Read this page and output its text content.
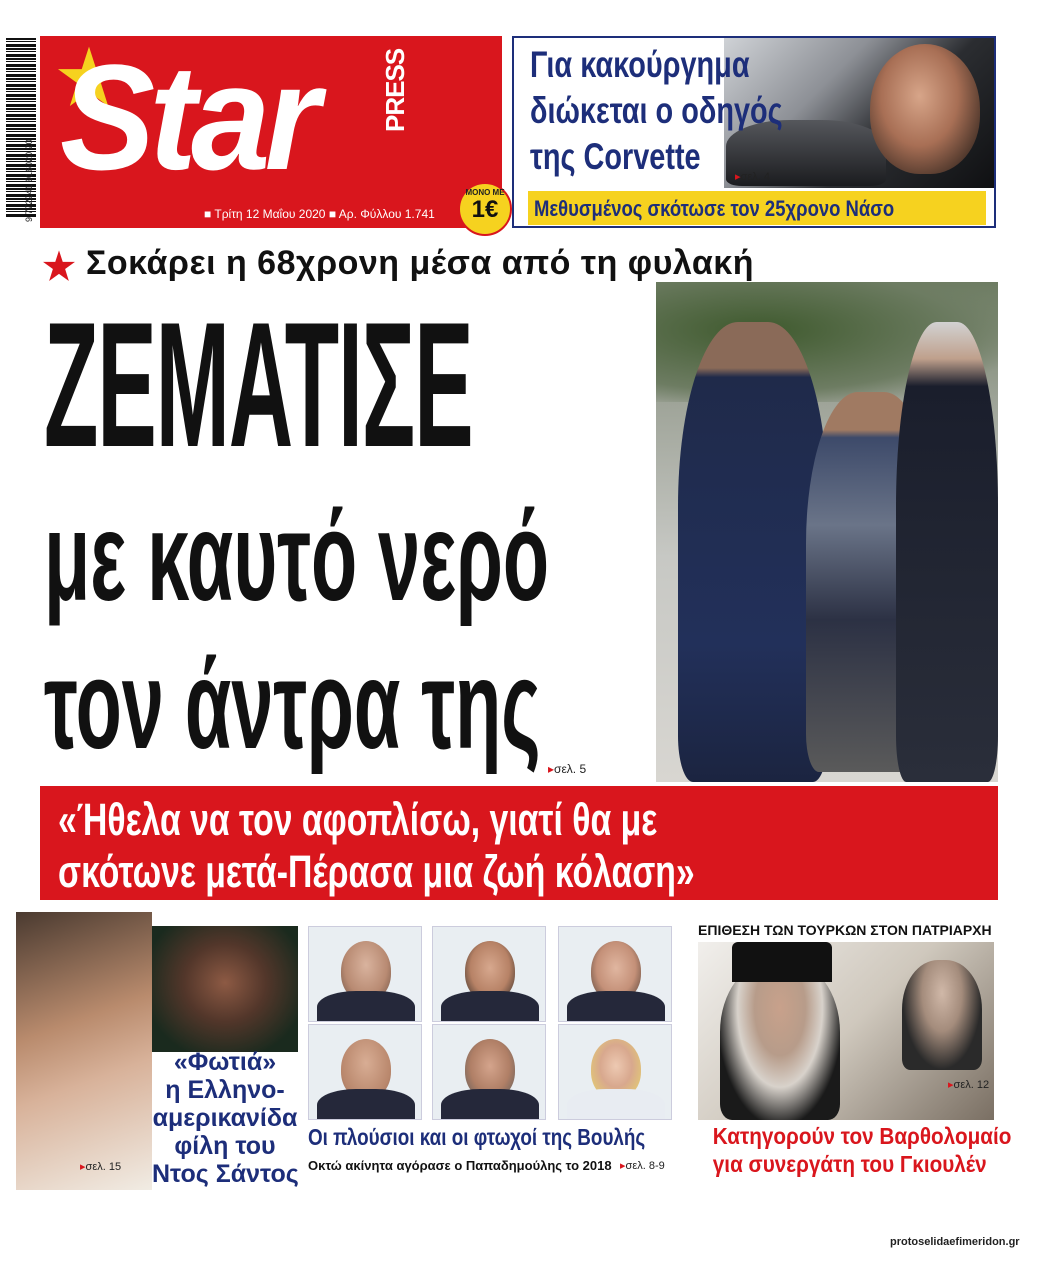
9 772241 916020 20 Star	PRESS
■ Τρίτη 12 Μαΐου 2020 ■ Αρ. Φύλλου 1.741
ΜΟΝΟ ΜΕ
1€
Για κακούργημα
διώκεται ο οδηγός
της Corvette	▸σελ. 4
Μεθυσμένος σκότωσε τον 25χρονο Νάσο
Σοκάρει η 68χρονη μέσα από τη φυλακή
ΖΕΜΑΤΙΣΕ
με καυτό νερό
τον άντρα της ▸σελ. 5
«Ήθελα να τον αφοπλίσω, γιατί θα με
σκότωνε μετά-Πέρασα μια ζωή κόλαση»
«Φωτιά»
η Ελληνο-
αμερικανίδα
φίλη του
Ντος Σάντος
▸σελ. 15
Οι πλούσιοι και οι φτωχοί της Βουλής
Οκτώ ακίνητα αγόρασε ο Παπαδημούλης το 2018 ▸σελ. 8-9
ΕΠΙΘΕΣΗ ΤΩΝ ΤΟΥΡΚΩΝ ΣΤΟΝ ΠΑΤΡΙΑΡΧΗ
▸σελ. 12
Κατηγορούν τον Βαρθολομαίο
για συνεργάτη του Γκιουλέν
protoselidaefimeridon.gr
